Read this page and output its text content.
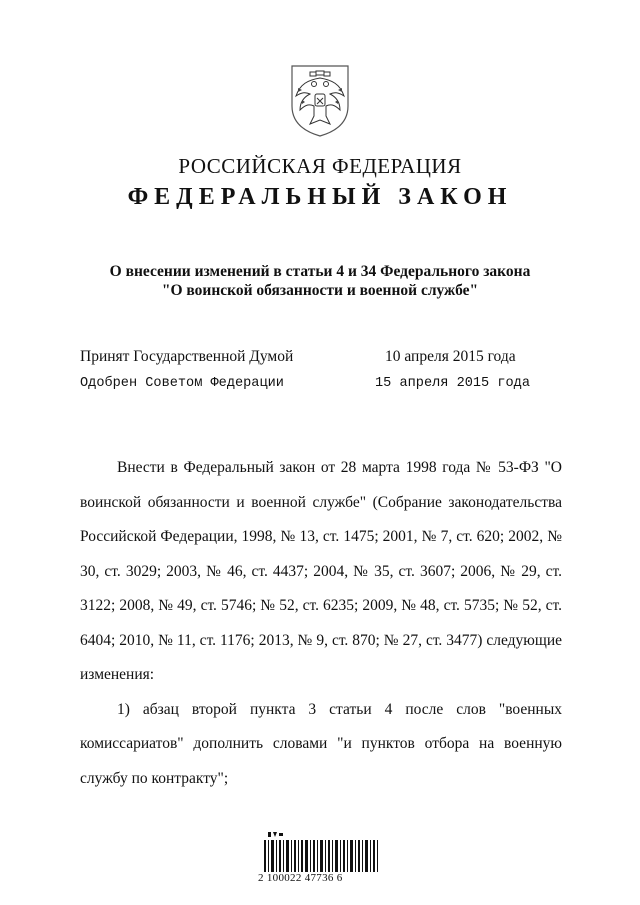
РОССИЙСКАЯ ФЕДЕРАЦИЯ
ФЕДЕРАЛЬНЫЙ ЗАКОН
О внесении изменений в статьи 4 и 34 Федерального закона
"О воинской обязанности и военной службе"
Принят Государственной Думой	10 апреля 2015 года
Одобрен Советом Федерации	15 апреля 2015 года

Внести в Федеральный закон от 28 марта 1998 года № 53-ФЗ "О воинской обязанности и военной службе" (Собрание законодательства Российской Федерации, 1998, № 13, ст. 1475; 2001, № 7, ст. 620; 2002, № 30, ст. 3029; 2003, № 46, ст. 4437; 2004, № 35, ст. 3607; 2006, № 29, ст. 3122; 2008, № 49, ст. 5746; № 52, ст. 6235; 2009, № 48, ст. 5735; № 52, ст. 6404; 2010, № 11, ст. 1176; 2013, № 9, ст. 870; № 27, ст. 3477) следующие изменения:

1) абзац второй пункта 3 статьи 4 после слов "военных комиссариатов" дополнить словами "и пунктов отбора на военную службу по контракту";

2 100022 47736 6
